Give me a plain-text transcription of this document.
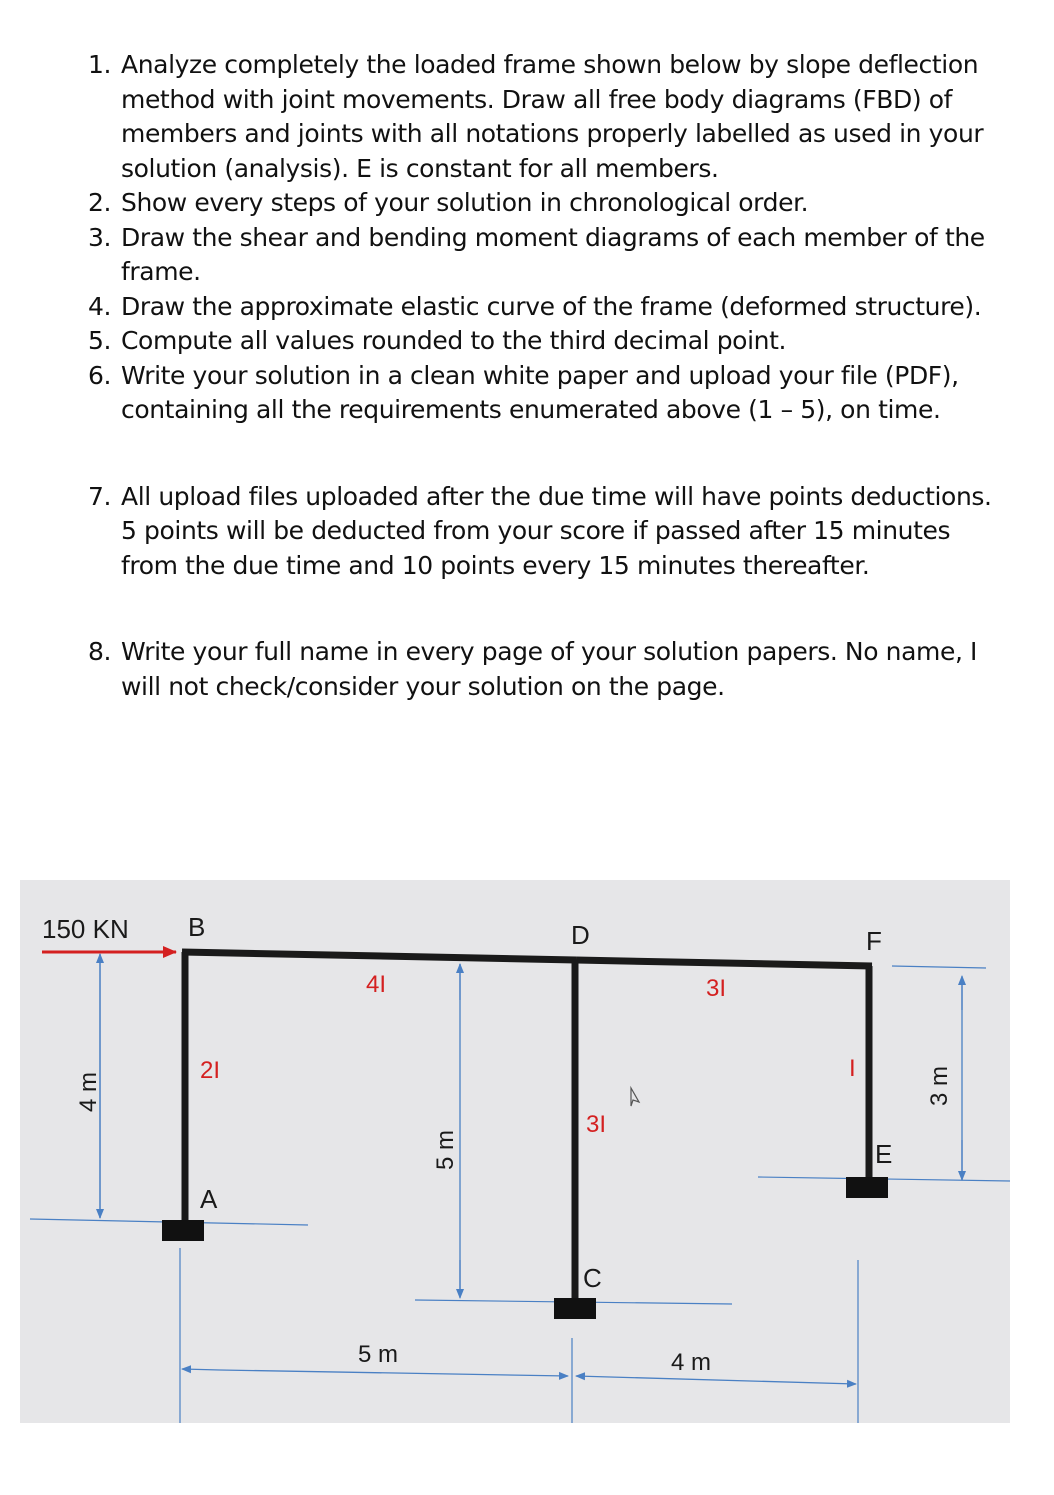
1. Analyze completely the loaded frame shown below by slope deflection method with joint movements. Draw all free body diagrams (FBD) of members and joints with all notations properly labelled as used in your solution (analysis). E is constant for all members.
2. Show every steps of your solution in chronological order.
3. Draw the shear and bending moment diagrams of each member of the frame.
4. Draw the approximate elastic curve of the frame (deformed structure).
5. Compute all values rounded to the third decimal point.
6. Write your solution in a clean white paper and upload your file (PDF), containing all the requirements enumerated above (1 – 5), on time.
7. All upload files uploaded after the due time will have points deductions. 5 points will be deducted from your score if passed after 15 minutes from the due time and 10 points every 15 minutes thereafter.
8. Write your full name in every page of your solution papers. No name, I will not check/consider your solution on the page.
150 KN B	D	F
A
C
E
4I	3I
2I
3I
I
4 m
5 m
3 m
5 m	4 m
